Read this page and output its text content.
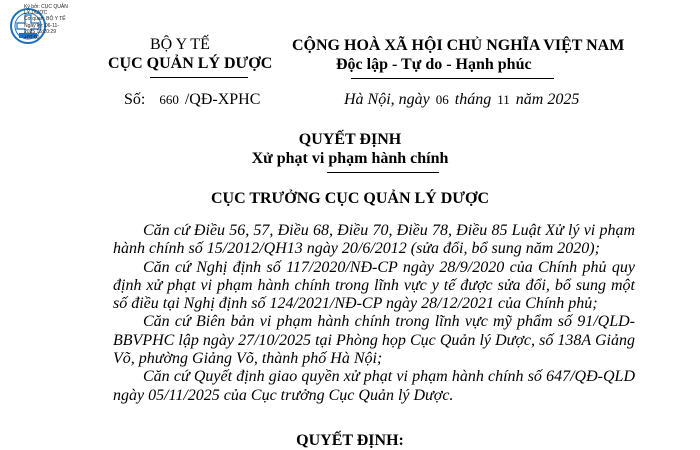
Ký bởi: CỤC QUẢN
LÝ DƯỢC
Cơ quan: BỘ Y TẾ
Ngày ký: 06-11-
2025 16:20:29
+07:00	BỘ Y TẾ
CỤC QUẢN LÝ DƯỢC
CỘNG HOÀ XÃ HỘI CHỦ NGHĨA VIỆT NAM
Độc lập - Tự do - Hạnh phúc
Số: 660 /QĐ-XPHC	Hà Nội, ngày 06 tháng 11 năm 2025
QUYẾT ĐỊNH
Xử phạt vi phạm hành chính
CỤC TRƯỞNG CỤC QUẢN LÝ DƯỢC

Căn cứ Điều 56, 57, Điều 68, Điều 70, Điều 78, Điều 85 Luật Xử lý vi phạm hành chính số 15/2012/QH13 ngày 20/6/2012 (sửa đổi, bổ sung năm 2020);

Căn cứ Nghị định số 117/2020/NĐ-CP ngày 28/9/2020 của Chính phủ quy định xử phạt vi phạm hành chính trong lĩnh vực y tế được sửa đổi, bổ sung một số điều tại Nghị định số 124/2021/NĐ-CP ngày 28/12/2021 của Chính phủ;

Căn cứ Biên bản vi phạm hành chính trong lĩnh vực mỹ phẩm số 91/QLD-BBVPHC lập ngày 27/10/2025 tại Phòng họp Cục Quản lý Dược, số 138A Giảng Võ, phường Giảng Võ, thành phố Hà Nội;

Căn cứ Quyết định giao quyền xử phạt vi phạm hành chính số 647/QĐ-QLD ngày 05/11/2025 của Cục trưởng Cục Quản lý Dược.

QUYẾT ĐỊNH:
